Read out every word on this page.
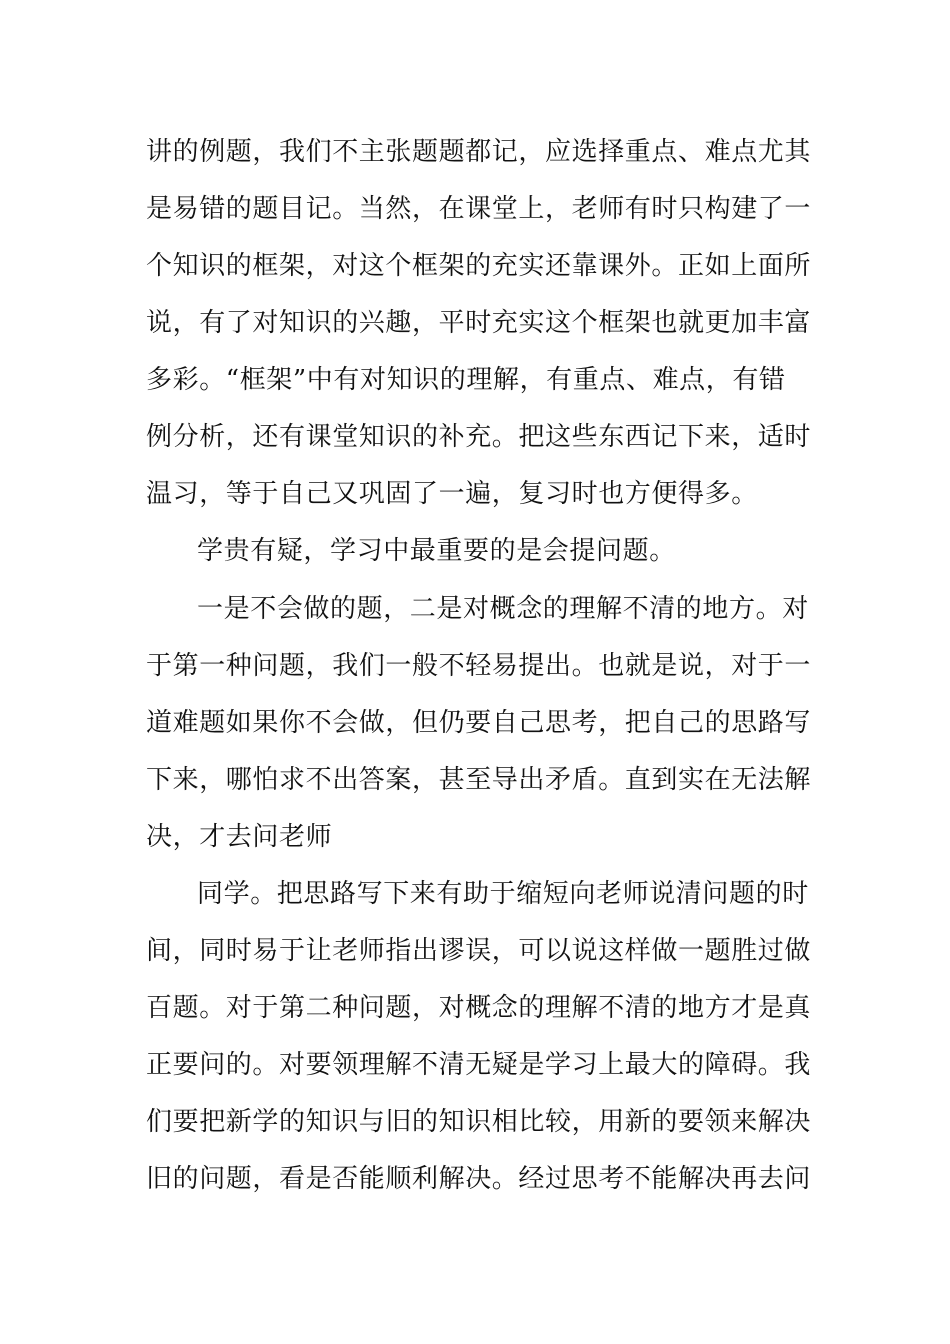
讲的例题，我们不主张题题都记，应选择重点、难点尤其
是易错的题目记。当然，在课堂上，老师有时只构建了一
个知识的框架，对这个框架的充实还靠课外。正如上面所
说，有了对知识的兴趣，平时充实这个框架也就更加丰富
多彩。“框架”中有对知识的理解，有重点、难点，有错
例分析，还有课堂知识的补充。把这些东西记下来，适时
温习，等于自己又巩固了一遍，复习时也方便得多。
学贵有疑，学习中最重要的是会提问题。
一是不会做的题，二是对概念的理解不清的地方。对
于第一种问题，我们一般不轻易提出。也就是说，对于一
道难题如果你不会做，但仍要自己思考，把自己的思路写
下来，哪怕求不出答案，甚至导出矛盾。直到实在无法解
决，才去问老师
同学。把思路写下来有助于缩短向老师说清问题的时
间，同时易于让老师指出谬误，可以说这样做一题胜过做
百题。对于第二种问题，对概念的理解不清的地方才是真
正要问的。对要领理解不清无疑是学习上最大的障碍。我
们要把新学的知识与旧的知识相比较，用新的要领来解决
旧的问题，看是否能顺利解决。经过思考不能解决再去问
